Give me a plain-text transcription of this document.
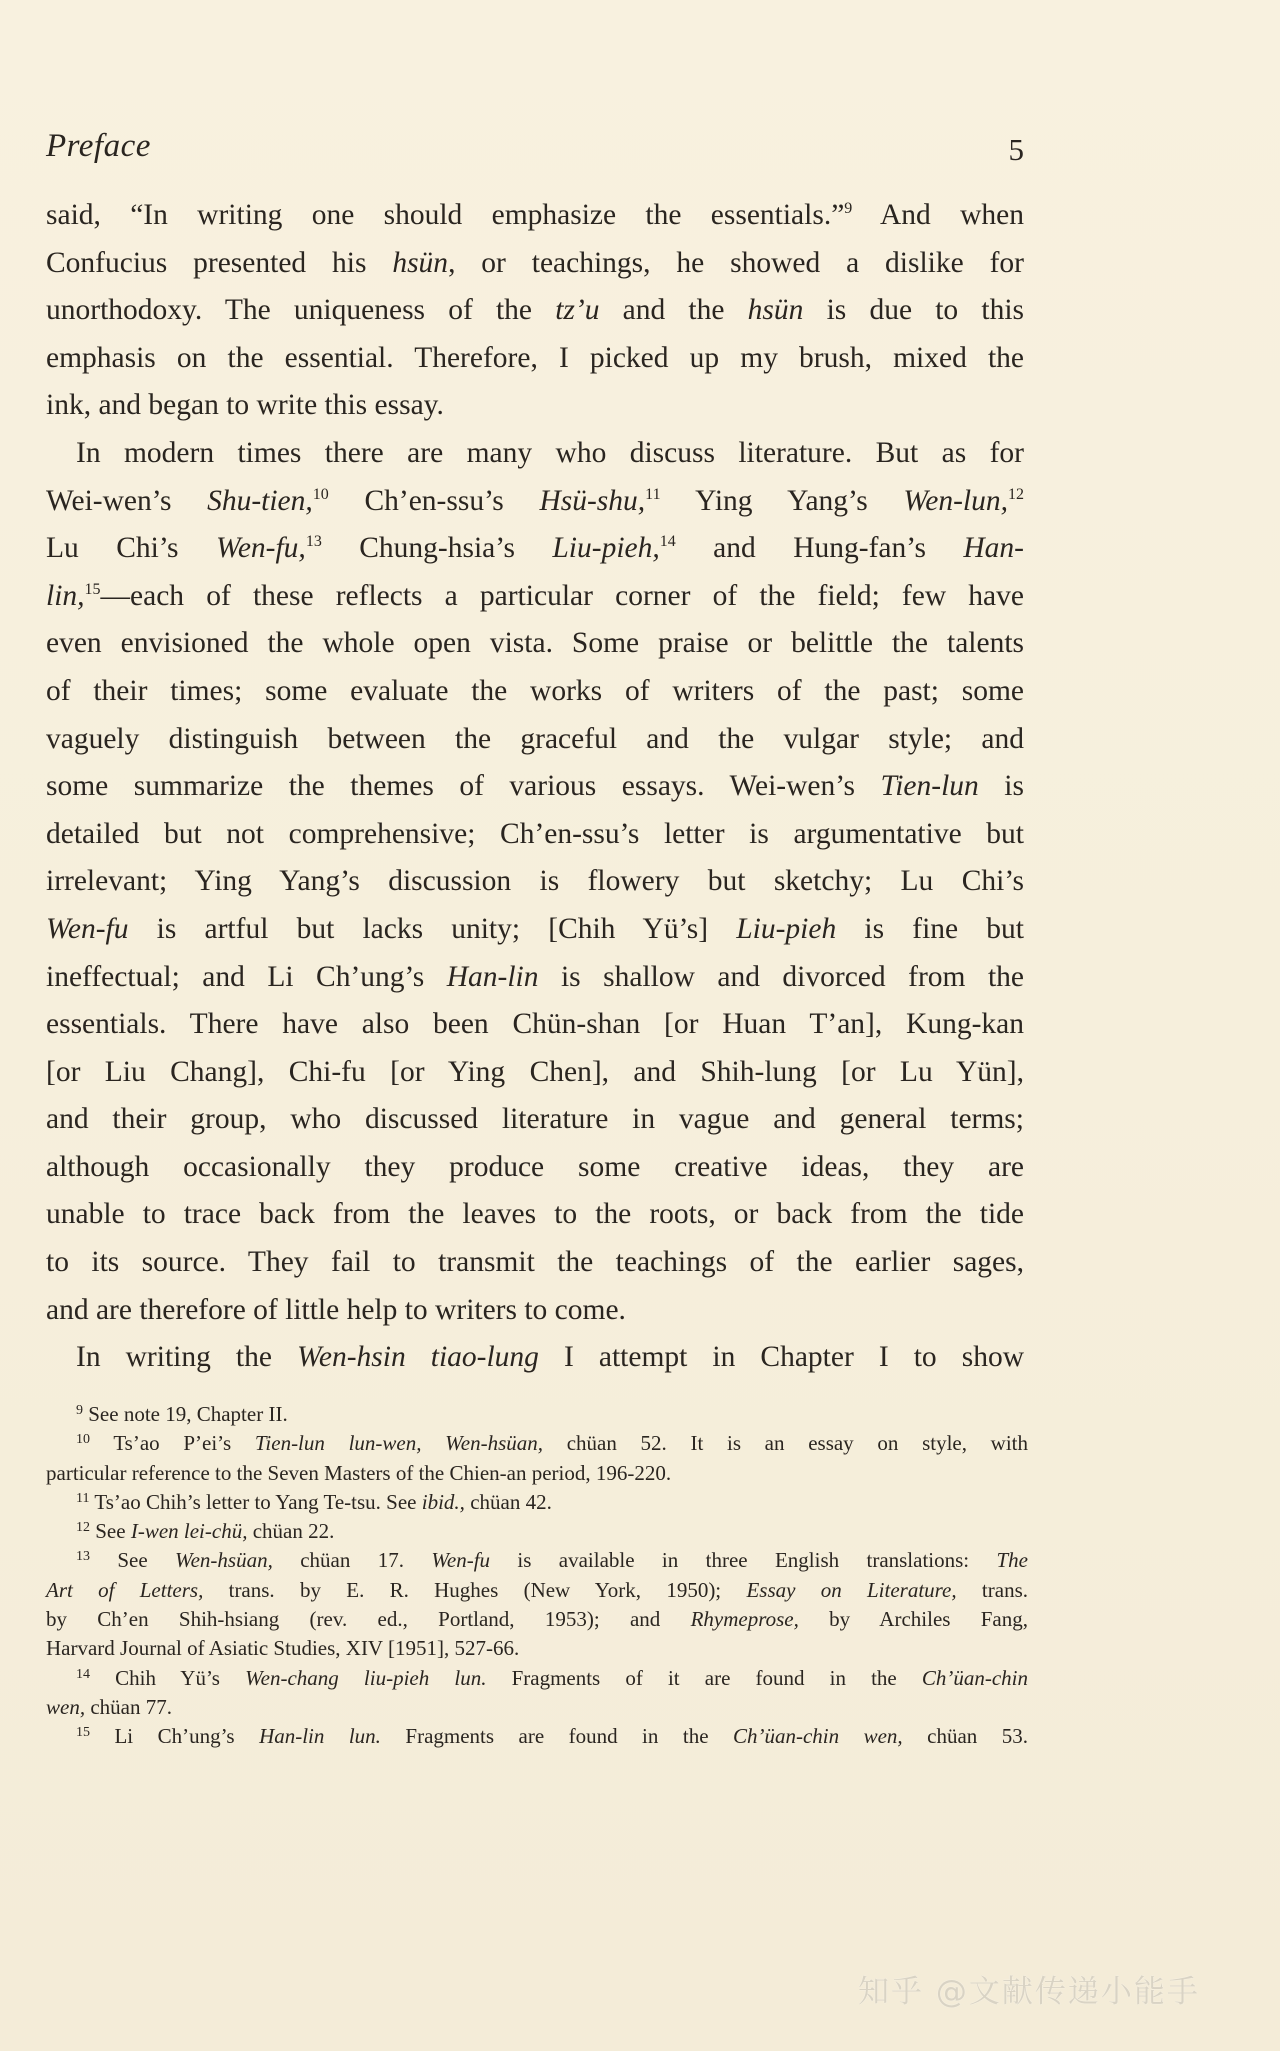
Preface	5
said, “In writing one should emphasize the essentials.”$^9$ And when
Confucius presented his hsün, or teachings, he showed a dislike for
unorthodoxy. The uniqueness of the tz’u and the hsün is due to this
emphasis on the essential. Therefore, I picked up my brush, mixed the
ink, and began to write this essay.
In modern times there are many who discuss literature. But as for
Wei-wen’s Shu-tien,$^{10}$ Ch’en-ssu’s Hsü-shu,$^{11}$ Ying Yang’s Wen-lun,$^{12}$
Lu Chi’s Wen-fu,$^{13}$ Chung-hsia’s Liu-pieh,$^{14}$ and Hung-fan’s Han-
lin,$^{15}$—each of these reflects a particular corner of the field; few have
even envisioned the whole open vista. Some praise or belittle the talents
of their times; some evaluate the works of writers of the past; some
vaguely distinguish between the graceful and the vulgar style; and
some summarize the themes of various essays. Wei-wen’s Tien-lun is
detailed but not comprehensive; Ch’en-ssu’s letter is argumentative but
irrelevant; Ying Yang’s discussion is flowery but sketchy; Lu Chi’s
Wen-fu is artful but lacks unity; [Chih Yü’s] Liu-pieh is fine but
ineffectual; and Li Ch’ung’s Han-lin is shallow and divorced from the
essentials. There have also been Chün-shan [or Huan T’an], Kung-kan
[or Liu Chang], Chi-fu [or Ying Chen], and Shih-lung [or Lu Yün],
and their group, who discussed literature in vague and general terms;
although occasionally they produce some creative ideas, they are
unable to trace back from the leaves to the roots, or back from the tide
to its source. They fail to transmit the teachings of the earlier sages,
and are therefore of little help to writers to come.
In writing the Wen-hsin tiao-lung I attempt in Chapter I to show
$^9$ See note 19, Chapter II.
$^{10}$ Ts’ao P’ei’s Tien-lun lun-wen, Wen-hsüan, chüan 52. It is an essay on style, with
particular reference to the Seven Masters of the Chien-an period, 196-220.
$^{11}$ Ts’ao Chih’s letter to Yang Te-tsu. See ibid., chüan 42.
$^{12}$ See I-wen lei-chü, chüan 22.
$^{13}$ See Wen-hsüan, chüan 17. Wen-fu is available in three English translations: The
Art of Letters, trans. by E. R. Hughes (New York, 1950); Essay on Literature, trans.
by Ch’en Shih-hsiang (rev. ed., Portland, 1953); and Rhymeprose, by Archiles Fang,
Harvard Journal of Asiatic Studies, XIV [1951], 527-66.
$^{14}$ Chih Yü’s Wen-chang liu-pieh lun. Fragments of it are found in the Ch’üan-chin
wen, chüan 77.
$^{15}$ Li Ch’ung’s Han-lin lun. Fragments are found in the Ch’üan-chin wen, chüan 53.
知乎 @文献传递小能手
